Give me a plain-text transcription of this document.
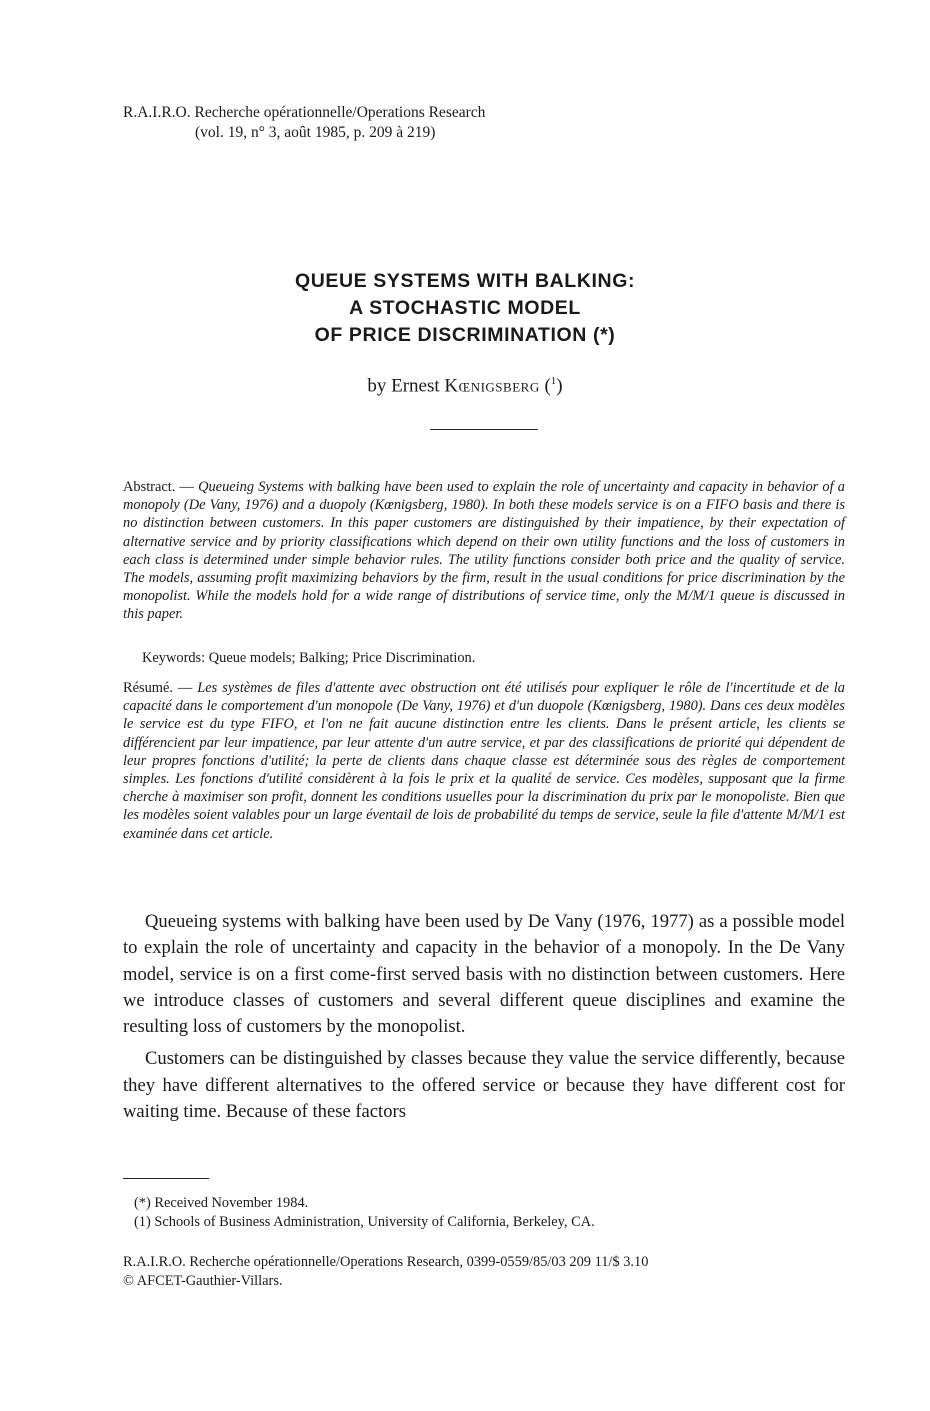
R.A.I.R.O. Recherche opérationnelle/Operations Research
(vol. 19, n° 3, août 1985, p. 209 à 219)
QUEUE SYSTEMS WITH BALKING:
A STOCHASTIC MODEL
OF PRICE DISCRIMINATION (*)
by Ernest Kœnigsberg ($^1$)
Abstract. — Queueing Systems with balking have been used to explain the role of uncertainty and capacity in behavior of a monopoly (De Vany, 1976) and a duopoly (Kœnigsberg, 1980). In both these models service is on a FIFO basis and there is no distinction between customers. In this paper customers are distinguished by their impatience, by their expectation of alternative service and by priority classifications which depend on their own utility functions and the loss of customers in each class is determined under simple behavior rules. The utility functions consider both price and the quality of service. The models, assuming profit maximizing behaviors by the firm, result in the usual conditions for price discrimination by the monopolist. While the models hold for a wide range of distributions of service time, only the M/M/1 queue is discussed in this paper.
Keywords: Queue models; Balking; Price Discrimination.
Résumé. — Les systèmes de files d'attente avec obstruction ont été utilisés pour expliquer le rôle de l'incertitude et de la capacité dans le comportement d'un monopole (De Vany, 1976) et d'un duopole (Kœnigsberg, 1980). Dans ces deux modèles le service est du type FIFO, et l'on ne fait aucune distinction entre les clients. Dans le présent article, les clients se différencient par leur impatience, par leur attente d'un autre service, et par des classifications de priorité qui dépendent de leur propres fonctions d'utilité; la perte de clients dans chaque classe est déterminée sous des règles de comportement simples. Les fonctions d'utilité considèrent à la fois le prix et la qualité de service. Ces modèles, supposant que la firme cherche à maximiser son profit, donnent les conditions usuelles pour la discrimination du prix par le monopoliste. Bien que les modèles soient valables pour un large éventail de lois de probabilité du temps de service, seule la file d'attente M/M/1 est examinée dans cet article.

Queueing systems with balking have been used by De Vany (1976, 1977) as a possible model to explain the role of uncertainty and capacity in the behavior of a monopoly. In the De Vany model, service is on a first come-first served basis with no distinction between customers. Here we introduce classes of customers and several different queue disciplines and examine the resulting loss of customers by the monopolist.

Customers can be distinguished by classes because they value the service differently, because they have different alternatives to the offered service or because they have different cost for waiting time. Because of these factors

(*) Received November 1984.
(1) Schools of Business Administration, University of California, Berkeley, CA.
R.A.I.R.O. Recherche opérationnelle/Operations Research, 0399-0559/85/03 209 11/$ 3.10
© AFCET-Gauthier-Villars.
